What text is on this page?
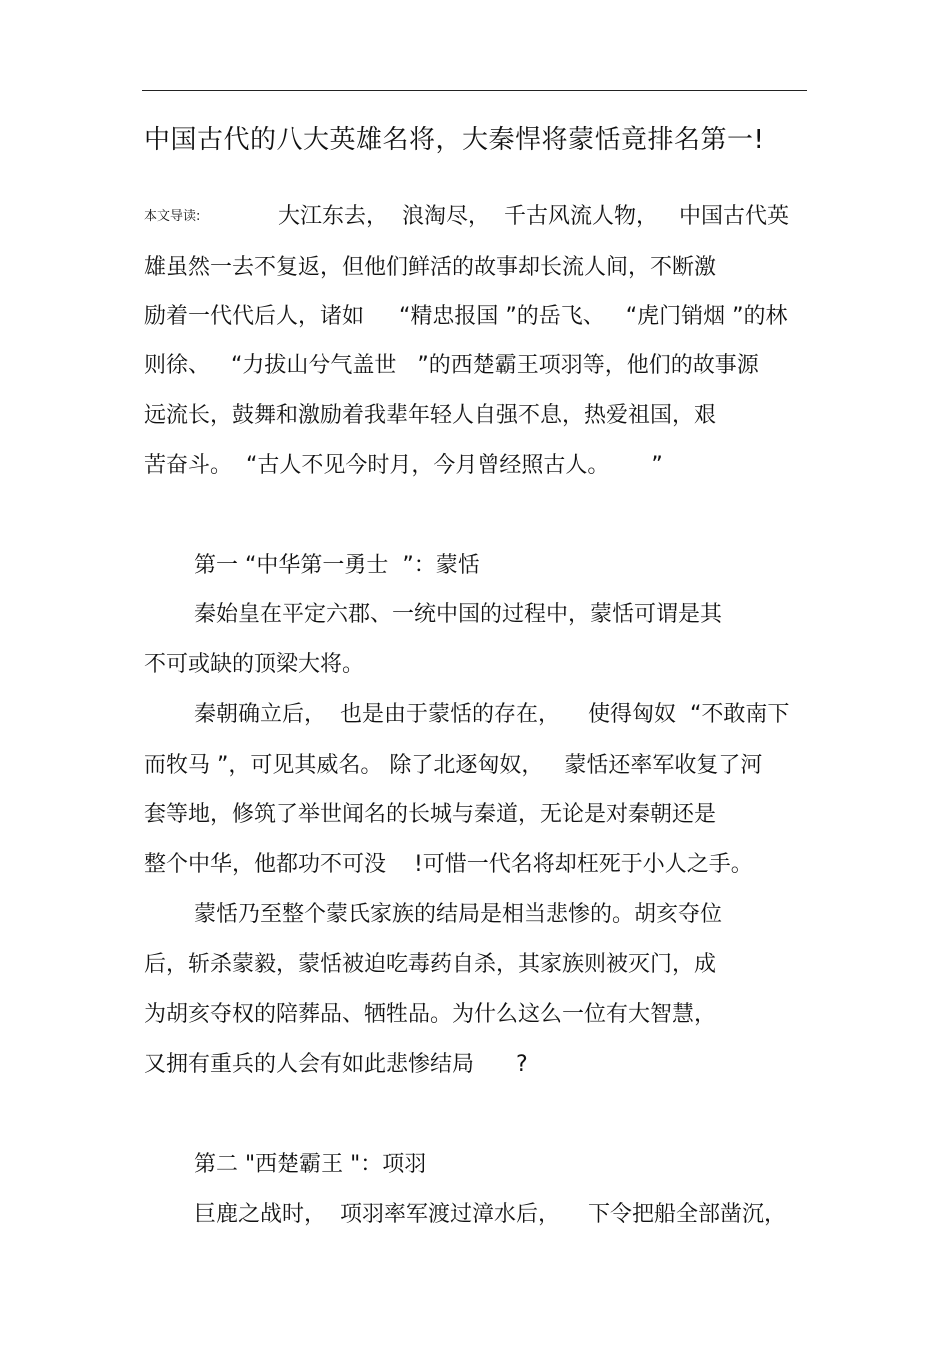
中国古代的八大英雄名将，大秦悍将蒙恬竟排名第一!
本文导读:	大江东去，  浪淘尽，  千古风流人物，   中国古代英

雄虽然一去不复返，但他们鲜活的故事却长流人间，不断激

励着一代代后人，诸如     “精忠报国 ”的岳飞、   “虎门销烟 ”的林

则徐、   “力拔山兮气盖世   ”的西楚霸王项羽等，他们的故事源

远流长，鼓舞和激励着我辈年轻人自强不息，热爱祖国，艰

苦奋斗。  “古人不见今时月，今月曾经照古人。      ”

第一 “中华第一勇士  ”：蒙恬

秦始皇在平定六郡、一统中国的过程中，蒙恬可谓是其

不可或缺的顶梁大将。

秦朝确立后，  也是由于蒙恬的存在，    使得匈奴  “不敢南下

而牧马 ”，可见其威名。 除了北逐匈奴，   蒙恬还率军收复了河

套等地，修筑了举世闻名的长城与秦道，无论是对秦朝还是

整个中华，他都功不可没    !可惜一代名将却枉死于小人之手。

蒙恬乃至整个蒙氏家族的结局是相当悲惨的。胡亥夺位

后，斩杀蒙毅，蒙恬被迫吃毒药自杀，其家族则被灭门，成

为胡亥夺权的陪葬品、牺牲品。为什么这么一位有大智慧，

又拥有重兵的人会有如此悲惨结局      ?

第二 "西楚霸王 "：项羽

巨鹿之战时，  项羽率军渡过漳水后，    下令把船全部凿沉，
